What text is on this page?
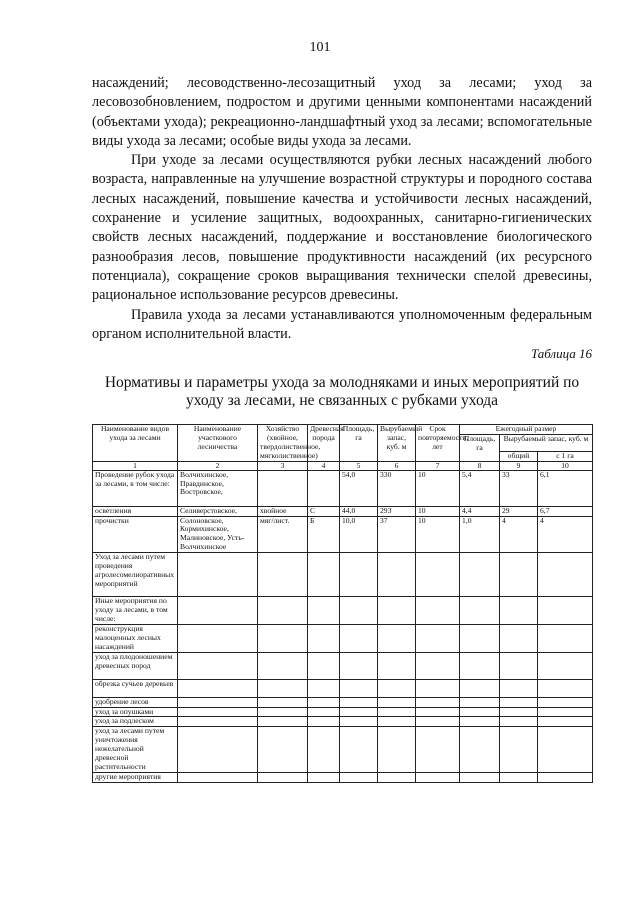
101

насаждений; лесоводственно-лесозащитный уход за лесами; уход за лесовозобновлением, подростом и другими ценными компонентами насаждений (объектами ухода); рекреационно-ландшафтный уход за лесами; вспомогательные виды ухода за лесами; особые виды ухода за лесами.

При уходе за лесами осуществляются рубки лесных насаждений любого возраста, направленные на улучшение возрастной структуры и породного состава лесных насаждений, повышение качества и устойчивости лесных насаждений, сохранение и усиление защитных, водоохранных, санитарно-гигиенических свойств лесных насаждений, поддержание и восстановление биологического разнообразия лесов, повышение продуктивности насаждений (их ресурсного потенциала), сокращение сроков выращивания технически спелой древесины, рациональное использование ресурсов древесины.

Правила ухода за лесами устанавливаются уполномоченным федеральным органом исполнительной власти.

Таблица 16
Нормативы и параметры ухода за молодняками и иных мероприятий по уходу за лесами, не связанных с рубками ухода
Наименование видов ухода за лесами	Наименование участкового лесничества	Хозяйство (хвойное, твердолиственное, мягколиственное)	Древесная порода	Площадь, га	Вырубаемый запас, куб. м	Срок повторяемости, лет	Ежегодный размер		
							Площадь, га	Вырубаемый запас, куб. м	
								общий	с 1 га
1	2	3	4	5	6	7	8	9	10
Проведение рубок ухода за лесами, в том числе:	Волчихинское, Правдинское, Востровское,			54,0	330	10	5,4	33	6,1
осветления	Селиверстовское,	хвойное	С	44,0	293	10	4,4	29	6,7
прочистки	Солоновское, Кормихинское, Малиновское, Усть-Волчихинское	мяг/лист.	Б	10,0	37	10	1,0	4	4
Уход за лесами путем проведения агролесомелиоративных мероприятий									
Иные мероприятия по уходу за лесами, в том числе:									
реконструкция малоценных лесных насаждений									
уход за плодоношением древесных пород									
обрезка сучьев деревьев									
удобрение лесов									
уход за опушками									
уход за подлеском									
уход за лесами путем уничтожения нежелательной древесной растительности									
другие мероприятия									
